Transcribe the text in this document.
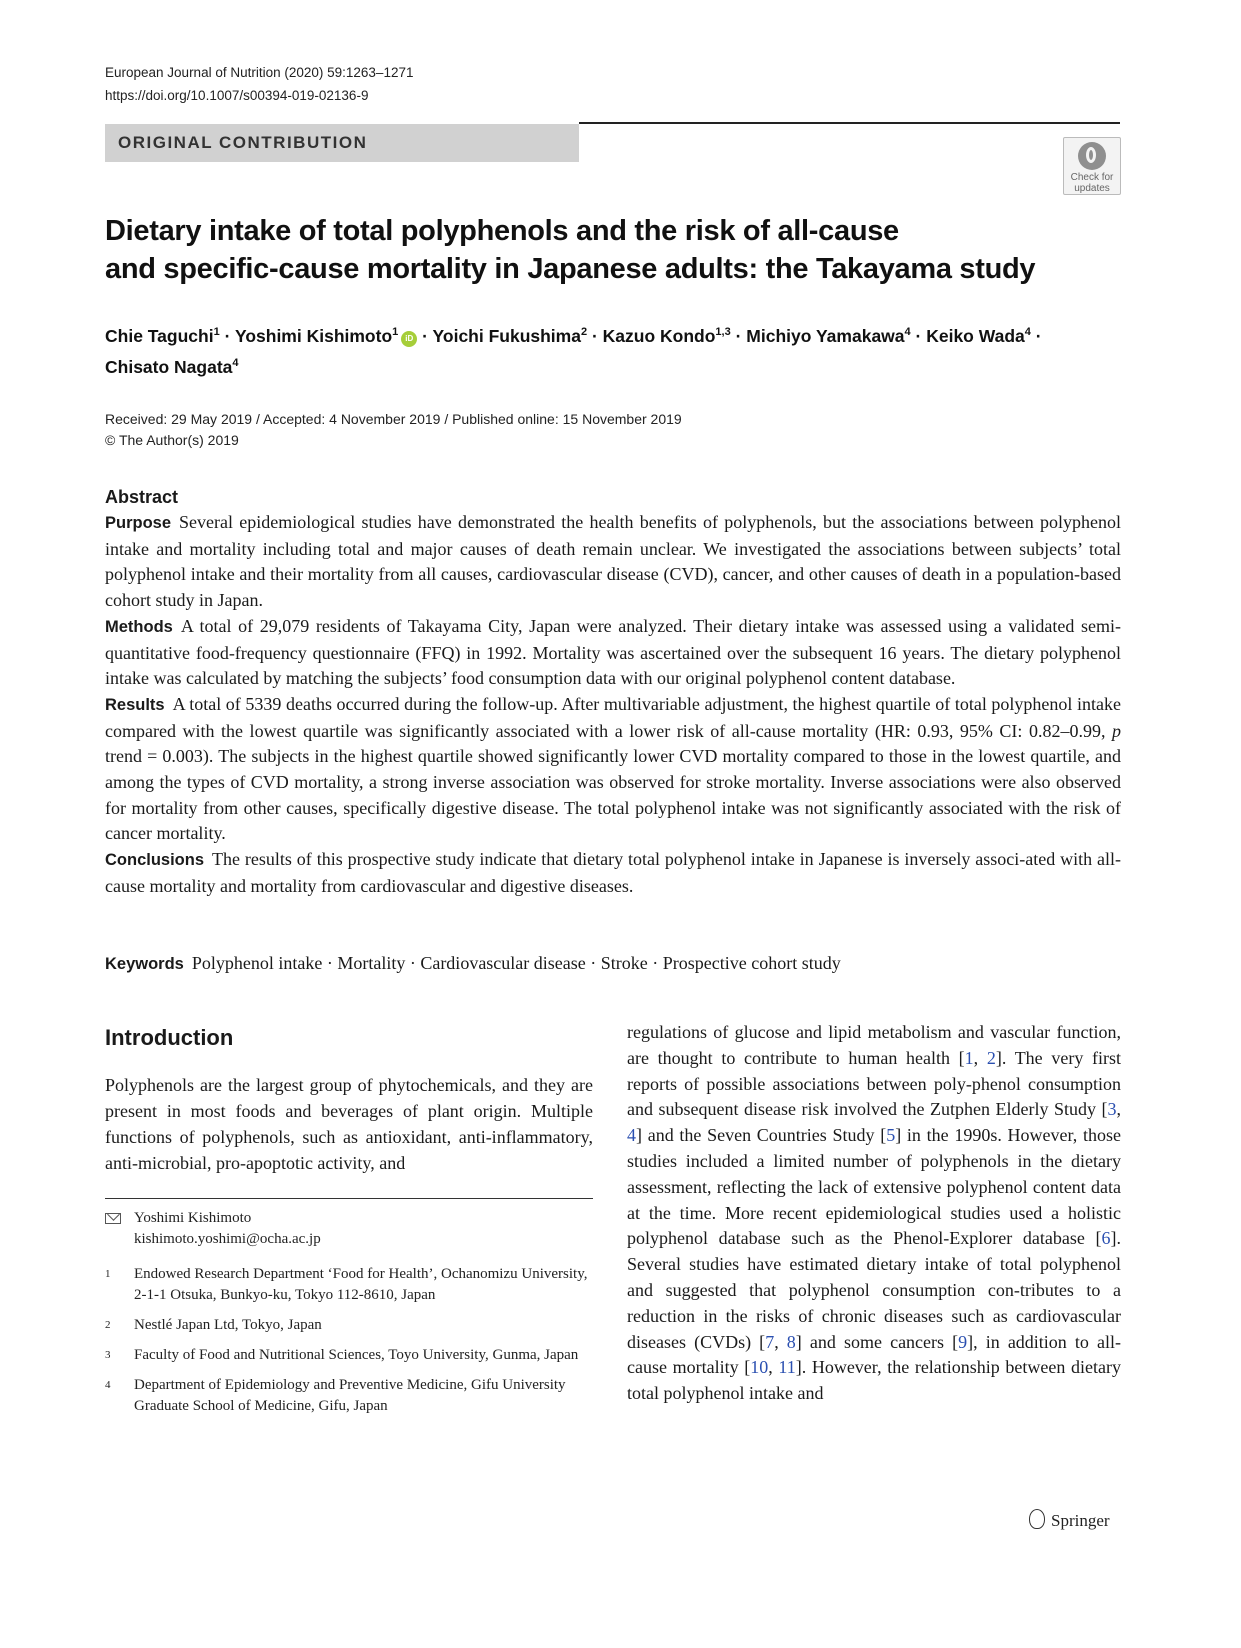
European Journal of Nutrition (2020) 59:1263–1271
https://doi.org/10.1007/s00394-019-02136-9
ORIGINAL CONTRIBUTION
Check for updates
Dietary intake of total polyphenols and the risk of all-cause
and specific-cause mortality in Japanese adults: the Takayama study
Chie Taguchi$^1$ · Yoshimi Kishimoto$^1$iD · Yoichi Fukushima$^2$ · Kazuo Kondo$^{1,3}$ · Michiyo Yamakawa$^4$ · Keiko Wada$^4$ ·
Chisato Nagata$^4$
Received: 29 May 2019 / Accepted: 4 November 2019 / Published online: 15 November 2019
© The Author(s) 2019
Abstract

Purpose Several epidemiological studies have demonstrated the health benefits of polyphenols, but the associations between polyphenol intake and mortality including total and major causes of death remain unclear. We investigated the associations between subjects’ total polyphenol intake and their mortality from all causes, cardiovascular disease (CVD), cancer, and other causes of death in a population-based cohort study in Japan.

Methods A total of 29,079 residents of Takayama City, Japan were analyzed. Their dietary intake was assessed using a validated semi-quantitative food-frequency questionnaire (FFQ) in 1992. Mortality was ascertained over the subsequent 16 years. The dietary polyphenol intake was calculated by matching the subjects’ food consumption data with our original polyphenol content database.

Results A total of 5339 deaths occurred during the follow-up. After multivariable adjustment, the highest quartile of total polyphenol intake compared with the lowest quartile was significantly associated with a lower risk of all-cause mortality (HR: 0.93, 95% CI: 0.82–0.99, p trend = 0.003). The subjects in the highest quartile showed significantly lower CVD mortality compared to those in the lowest quartile, and among the types of CVD mortality, a strong inverse association was observed for stroke mortality. Inverse associations were also observed for mortality from other causes, specifically digestive disease. The total polyphenol intake was not significantly associated with the risk of cancer mortality.

Conclusions The results of this prospective study indicate that dietary total polyphenol intake in Japanese is inversely associ-ated with all-cause mortality and mortality from cardiovascular and digestive diseases.

Keywords Polyphenol intake · Mortality · Cardiovascular disease · Stroke · Prospective cohort study
Introduction

Polyphenols are the largest group of phytochemicals, and they are present in most foods and beverages of plant origin. Multiple functions of polyphenols, such as antioxidant, anti-inflammatory, anti-microbial, pro-apoptotic activity, and

regulations of glucose and lipid metabolism and vascular function, are thought to contribute to human health [1, 2]. The very first reports of possible associations between poly-phenol consumption and subsequent disease risk involved the Zutphen Elderly Study [3, 4] and the Seven Countries Study [5] in the 1990s. However, those studies included a limited number of polyphenols in the dietary assessment, reflecting the lack of extensive polyphenol content data at the time. More recent epidemiological studies used a holistic polyphenol database such as the Phenol-Explorer database [6]. Several studies have estimated dietary intake of total polyphenol and suggested that polyphenol consumption con-tributes to a reduction in the risks of chronic diseases such as cardiovascular diseases (CVDs) [7, 8] and some cancers [9], in addition to all-cause mortality [10, 11]. However, the relationship between dietary total polyphenol intake and

Yoshimi Kishimoto
kishimoto.yoshimi@ocha.ac.jp
1 Endowed Research Department ‘Food for Health’, Ochanomizu University, 2-1-1 Otsuka, Bunkyo-ku, Tokyo 112-8610, Japan
2 Nestlé Japan Ltd, Tokyo, Japan
3 Faculty of Food and Nutritional Sciences, Toyo University, Gunma, Japan
4 Department of Epidemiology and Preventive Medicine, Gifu University Graduate School of Medicine, Gifu, Japan
Springer
